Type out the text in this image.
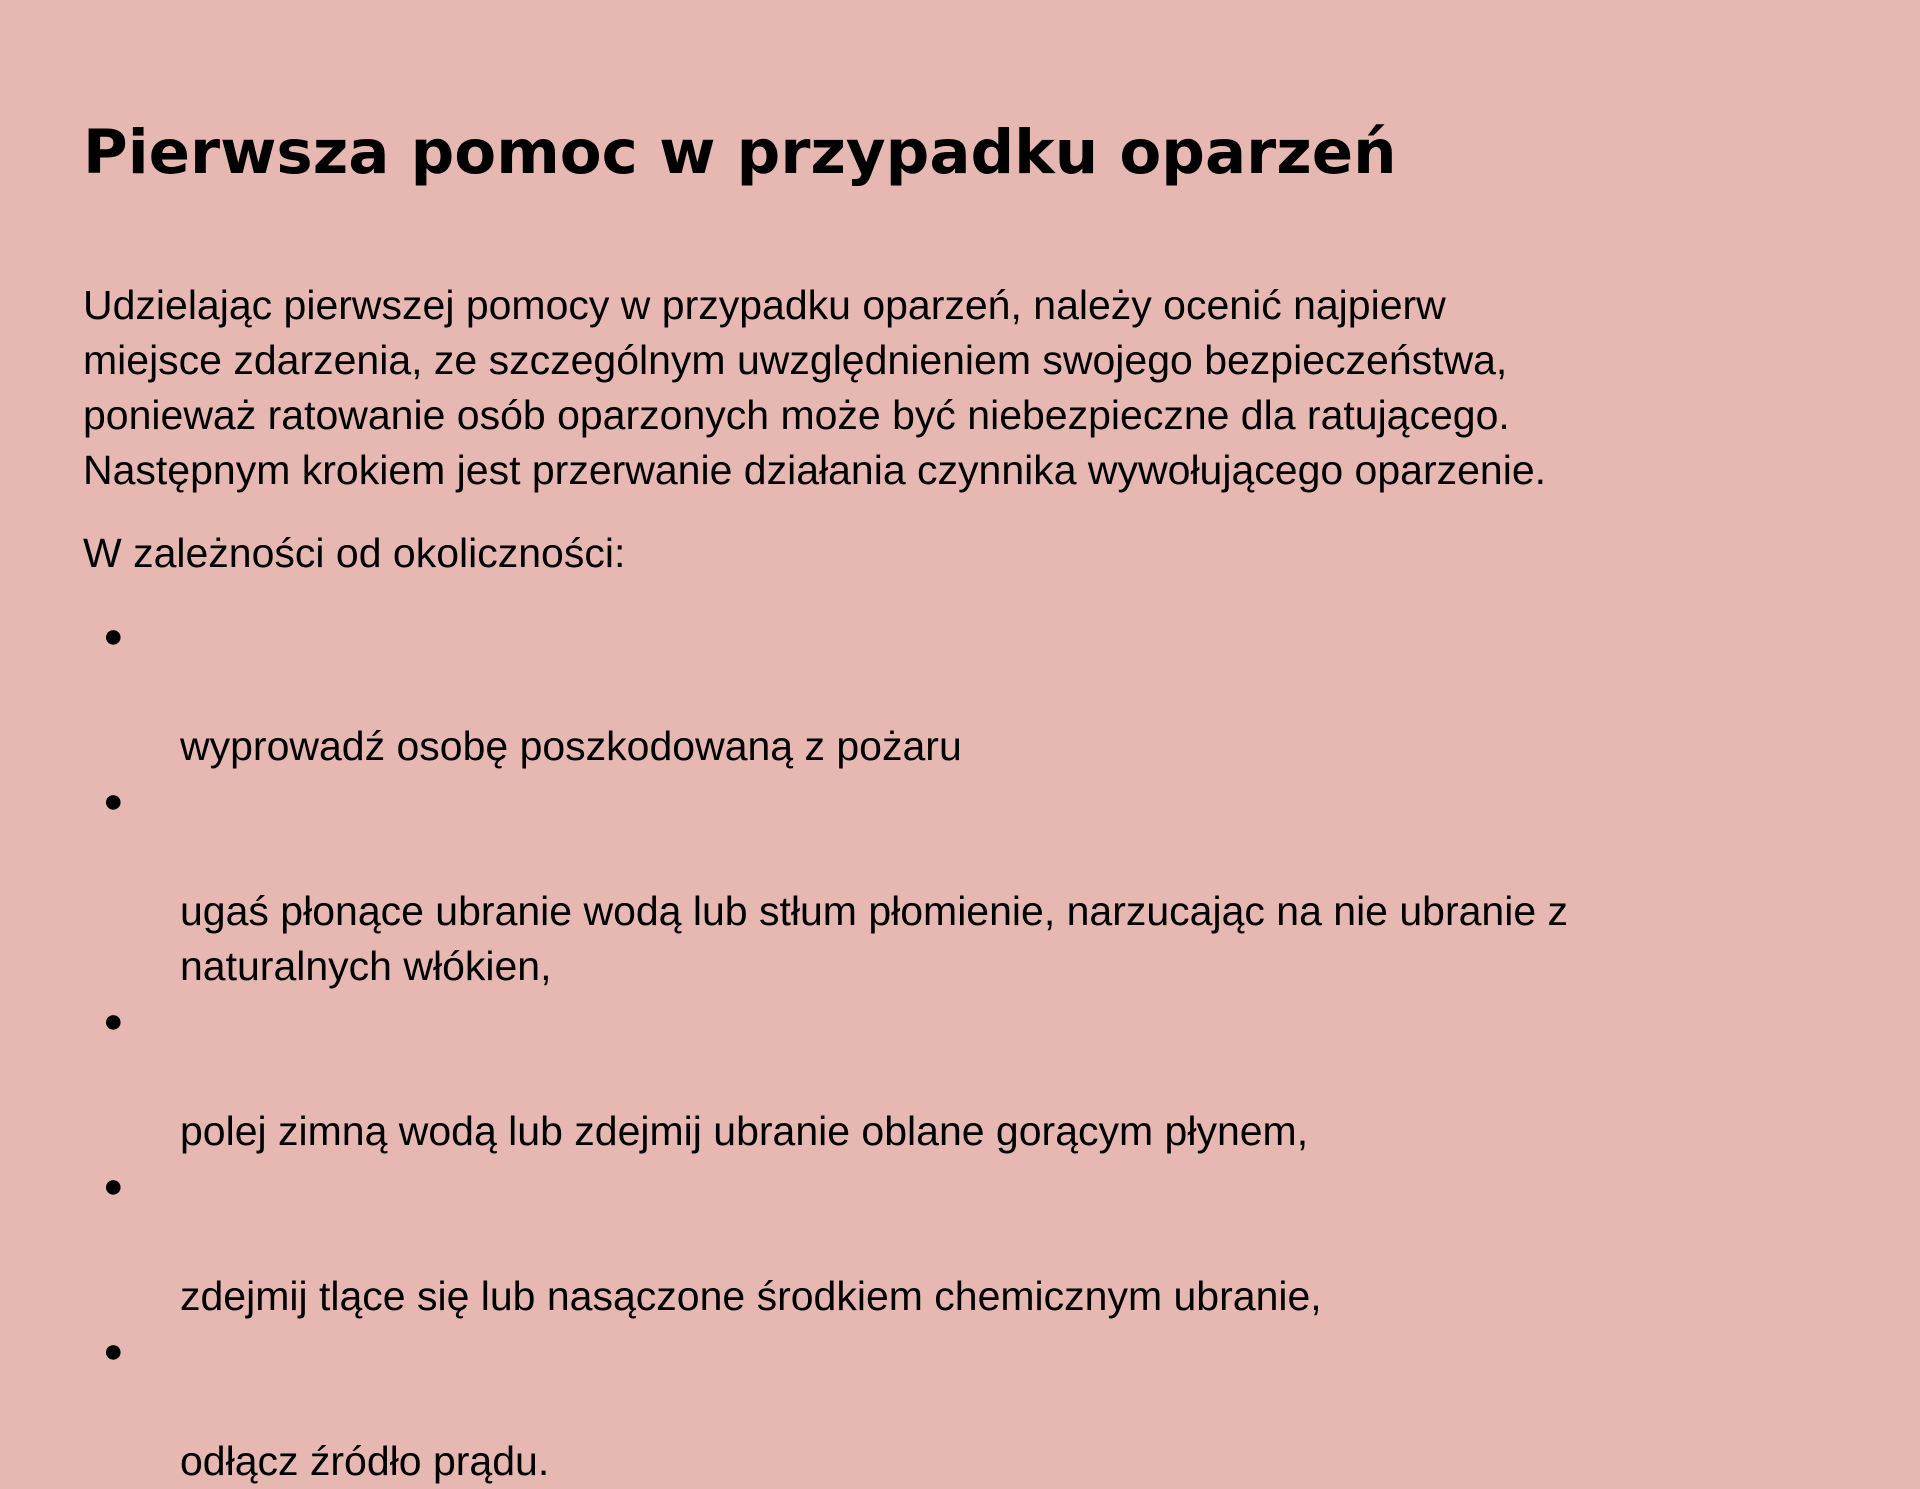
Pierwsza pomoc w przypadku oparzeń

Udzielając pierwszej pomocy w przypadku oparzeń, należy ocenić najpierw
miejsce zdarzenia, ze szczególnym uwzględnieniem swojego bezpieczeństwa,
ponieważ ratowanie osób oparzonych może być niebezpieczne dla ratującego.
Następnym krokiem jest przerwanie działania czynnika wywołującego oparzenie.

W zależności od okoliczności:

●

wyprowadź osobę poszkodowaną z pożaru

●

ugaś płonące ubranie wodą lub stłum płomienie, narzucając na nie ubranie z
naturalnych włókien,

●

polej zimną wodą lub zdejmij ubranie oblane gorącym płynem,

●

zdejmij tlące się lub nasączone środkiem chemicznym ubranie,

●

odłącz źródło prądu.
